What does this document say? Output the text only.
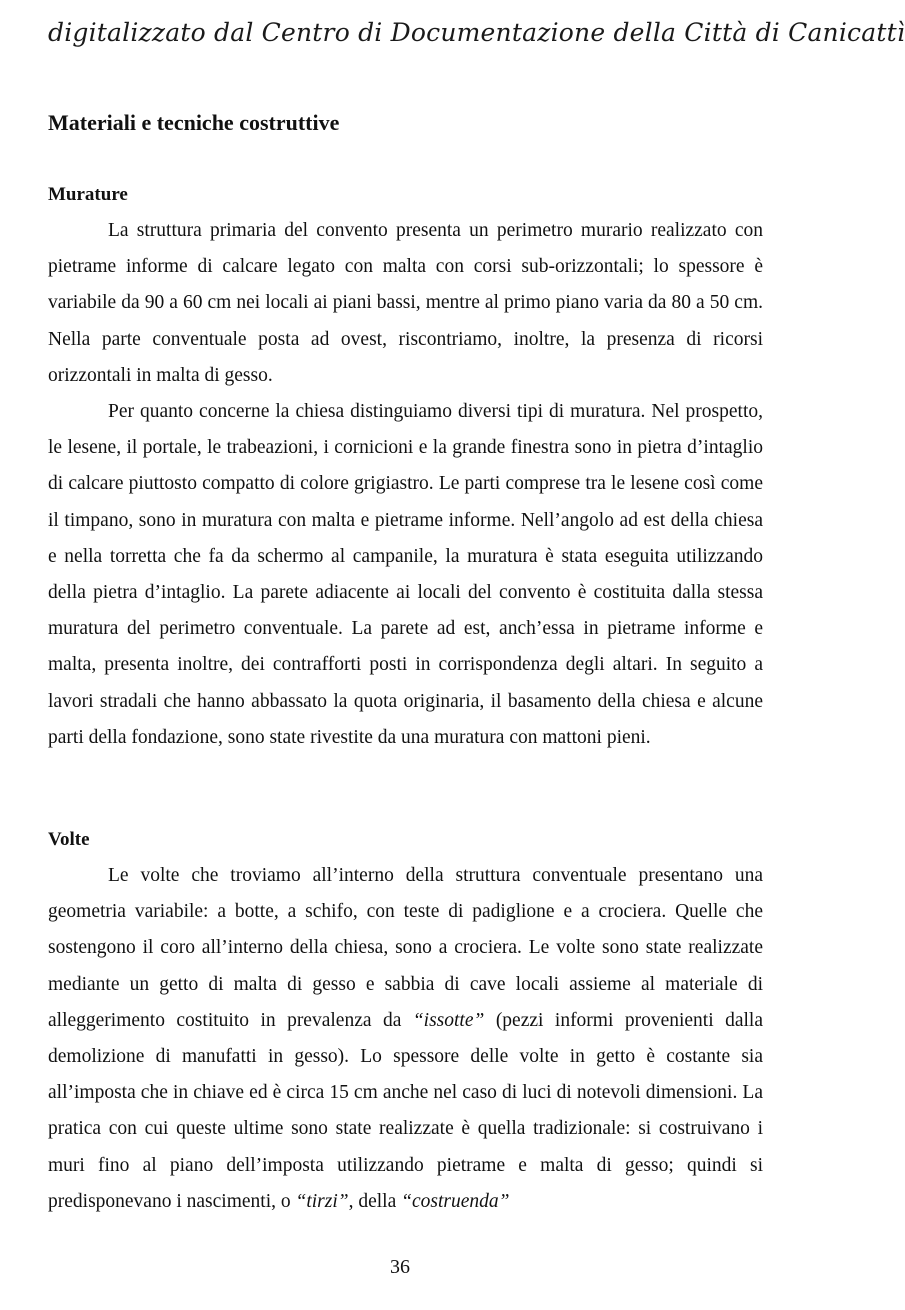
digitalizzato dal Centro di Documentazione della Città di Canicattì
Materiali e tecniche costruttive
Murature

La struttura primaria del convento presenta un perimetro murario realizzato con pietrame informe di calcare legato con malta con corsi sub-orizzontali; lo spessore è variabile da 90 a 60 cm nei locali ai piani bassi, mentre al primo piano varia da 80 a 50 cm. Nella parte conventuale posta ad ovest, riscontriamo, inoltre, la presenza di ricorsi orizzontali in malta di gesso.

Per quanto concerne la chiesa distinguiamo diversi tipi di muratura. Nel prospetto, le lesene, il portale, le trabeazioni, i cornicioni e la grande finestra sono in pietra d’intaglio di calcare piuttosto compatto di colore grigiastro. Le parti comprese tra le lesene così come il timpano, sono in muratura con malta e pietrame informe. Nell’angolo ad est della chiesa e nella torretta che fa da schermo al campanile, la muratura è stata eseguita utilizzando della pietra d’intaglio. La parete adiacente ai locali del convento è costituita dalla stessa muratura del perimetro conventuale. La parete ad est, anch’essa in pietrame informe e malta, presenta inoltre, dei contrafforti posti in corrispondenza degli altari. In seguito a lavori stradali che hanno abbassato la quota originaria, il basamento della chiesa e alcune parti della fondazione, sono state rivestite da una muratura con mattoni pieni.

Volte

Le volte che troviamo all’interno della struttura conventuale presentano una geometria variabile: a botte, a schifo, con teste di padiglione e a crociera. Quelle che sostengono il coro all’interno della chiesa, sono a crociera. Le volte sono state realizzate mediante un getto di malta di gesso e sabbia di cave locali assieme al materiale di alleggerimento costituito in prevalenza da “issotte” (pezzi informi provenienti dalla demolizione di manufatti in gesso). Lo spessore delle volte in getto è costante sia all’imposta che in chiave ed è circa 15 cm anche nel caso di luci di notevoli dimensioni. La pratica con cui queste ultime sono state realizzate è quella tradizionale: si costruivano i muri fino al piano dell’imposta utilizzando pietrame e malta di gesso; quindi si predisponevano i nascimenti, o “tirzi”, della “costruenda”

36
